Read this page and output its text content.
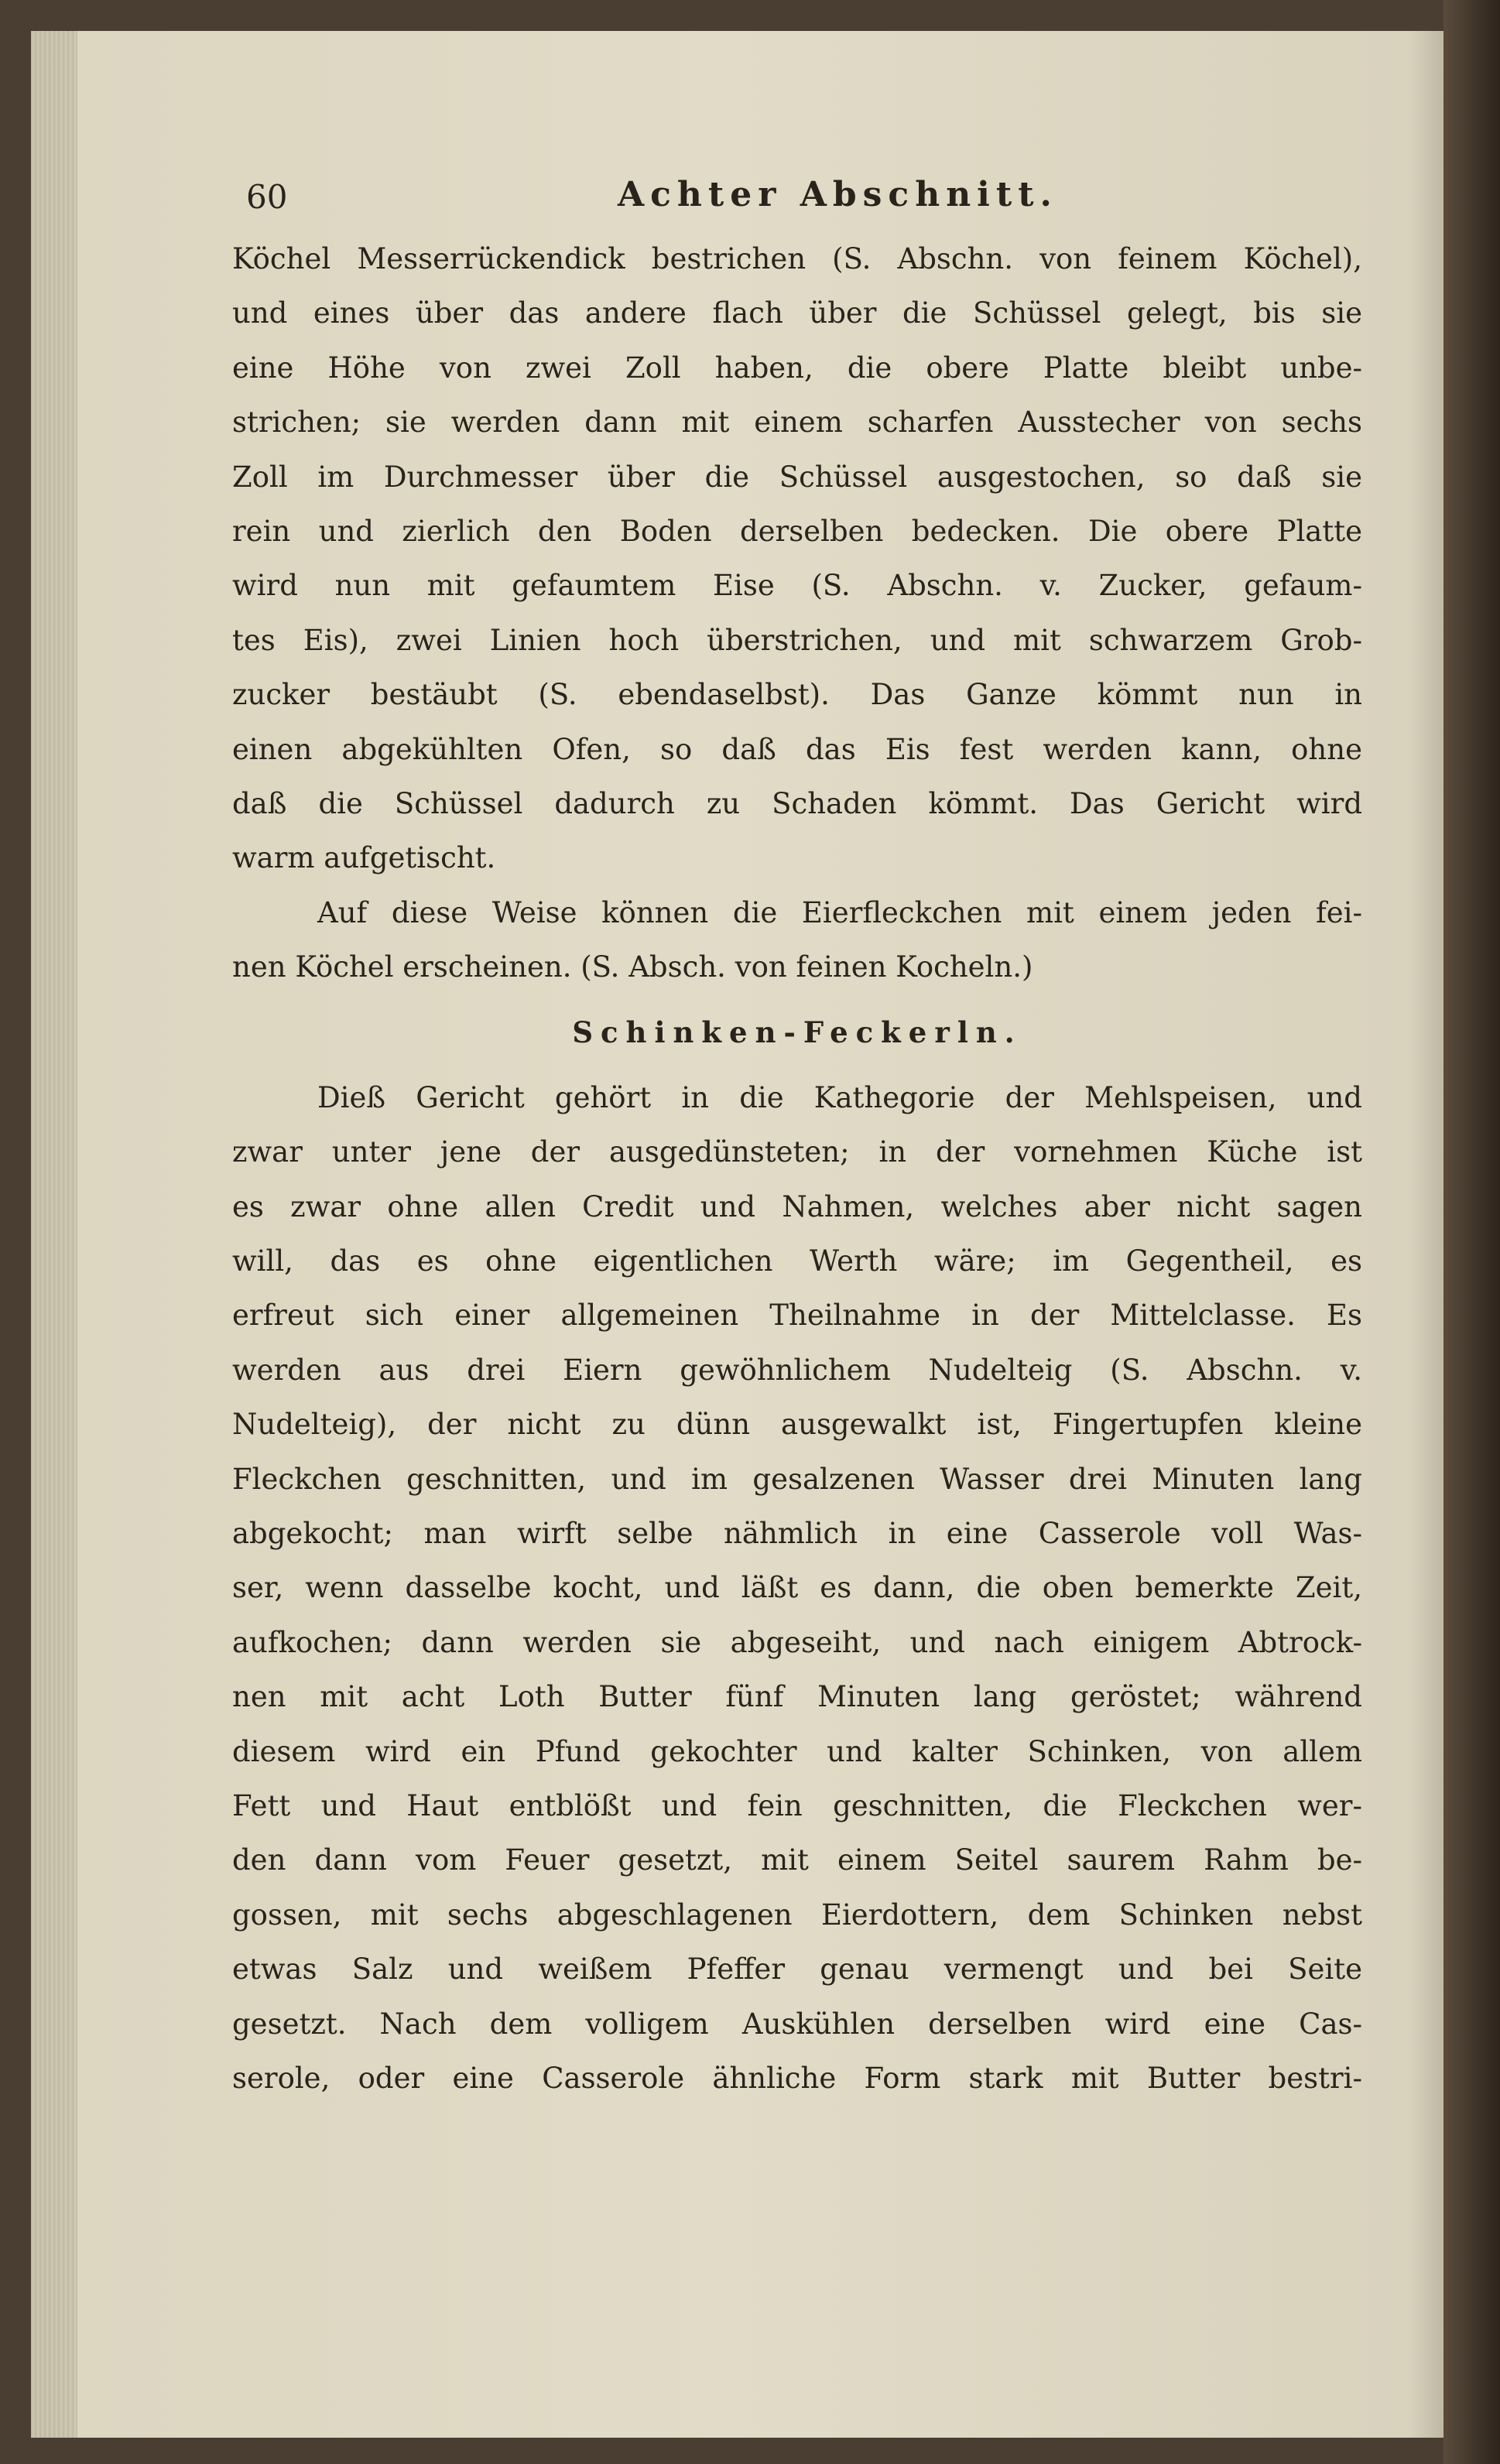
60	Achter Abschnitt.
Köchel Messerrückendick bestrichen (S. Abschn. von feinem Köchel),
und eines über das andere flach über die Schüssel gelegt, bis sie
eine Höhe von zwei Zoll haben, die obere Platte bleibt unbe-
strichen; sie werden dann mit einem scharfen Ausstecher von sechs
Zoll im Durchmesser über die Schüssel ausgestochen, so daß sie
rein und zierlich den Boden derselben bedecken. Die obere Platte
wird nun mit gefaumtem Eise (S. Abschn. v. Zucker, gefaum-
tes Eis), zwei Linien hoch überstrichen, und mit schwarzem Grob-
zucker bestäubt (S. ebendaselbst). Das Ganze kömmt nun in
einen abgekühlten Ofen, so daß das Eis fest werden kann, ohne
daß die Schüssel dadurch zu Schaden kömmt. Das Gericht wird
warm aufgetischt.
Auf diese Weise können die Eierfleckchen mit einem jeden fei-
nen Köchel erscheinen. (S. Absch. von feinen Kocheln.)
Schinken-Feckerln.
Dieß Gericht gehört in die Kathegorie der Mehlspeisen, und
zwar unter jene der ausgedünsteten; in der vornehmen Küche ist
es zwar ohne allen Credit und Nahmen, welches aber nicht sagen
will, das es ohne eigentlichen Werth wäre; im Gegentheil, es
erfreut sich einer allgemeinen Theilnahme in der Mittelclasse. Es
werden aus drei Eiern gewöhnlichem Nudelteig (S. Abschn. v.
Nudelteig), der nicht zu dünn ausgewalkt ist, Fingertupfen kleine
Fleckchen geschnitten, und im gesalzenen Wasser drei Minuten lang
abgekocht; man wirft selbe nähmlich in eine Casserole voll Was-
ser, wenn dasselbe kocht, und läßt es dann, die oben bemerkte Zeit,
aufkochen; dann werden sie abgeseiht, und nach einigem Abtrock-
nen mit acht Loth Butter fünf Minuten lang geröstet; während
diesem wird ein Pfund gekochter und kalter Schinken, von allem
Fett und Haut entblößt und fein geschnitten, die Fleckchen wer-
den dann vom Feuer gesetzt, mit einem Seitel saurem Rahm be-
gossen, mit sechs abgeschlagenen Eierdottern, dem Schinken nebst
etwas Salz und weißem Pfeffer genau vermengt und bei Seite
gesetzt. Nach dem volligem Auskühlen derselben wird eine Cas-
serole, oder eine Casserole ähnliche Form stark mit Butter bestri-
